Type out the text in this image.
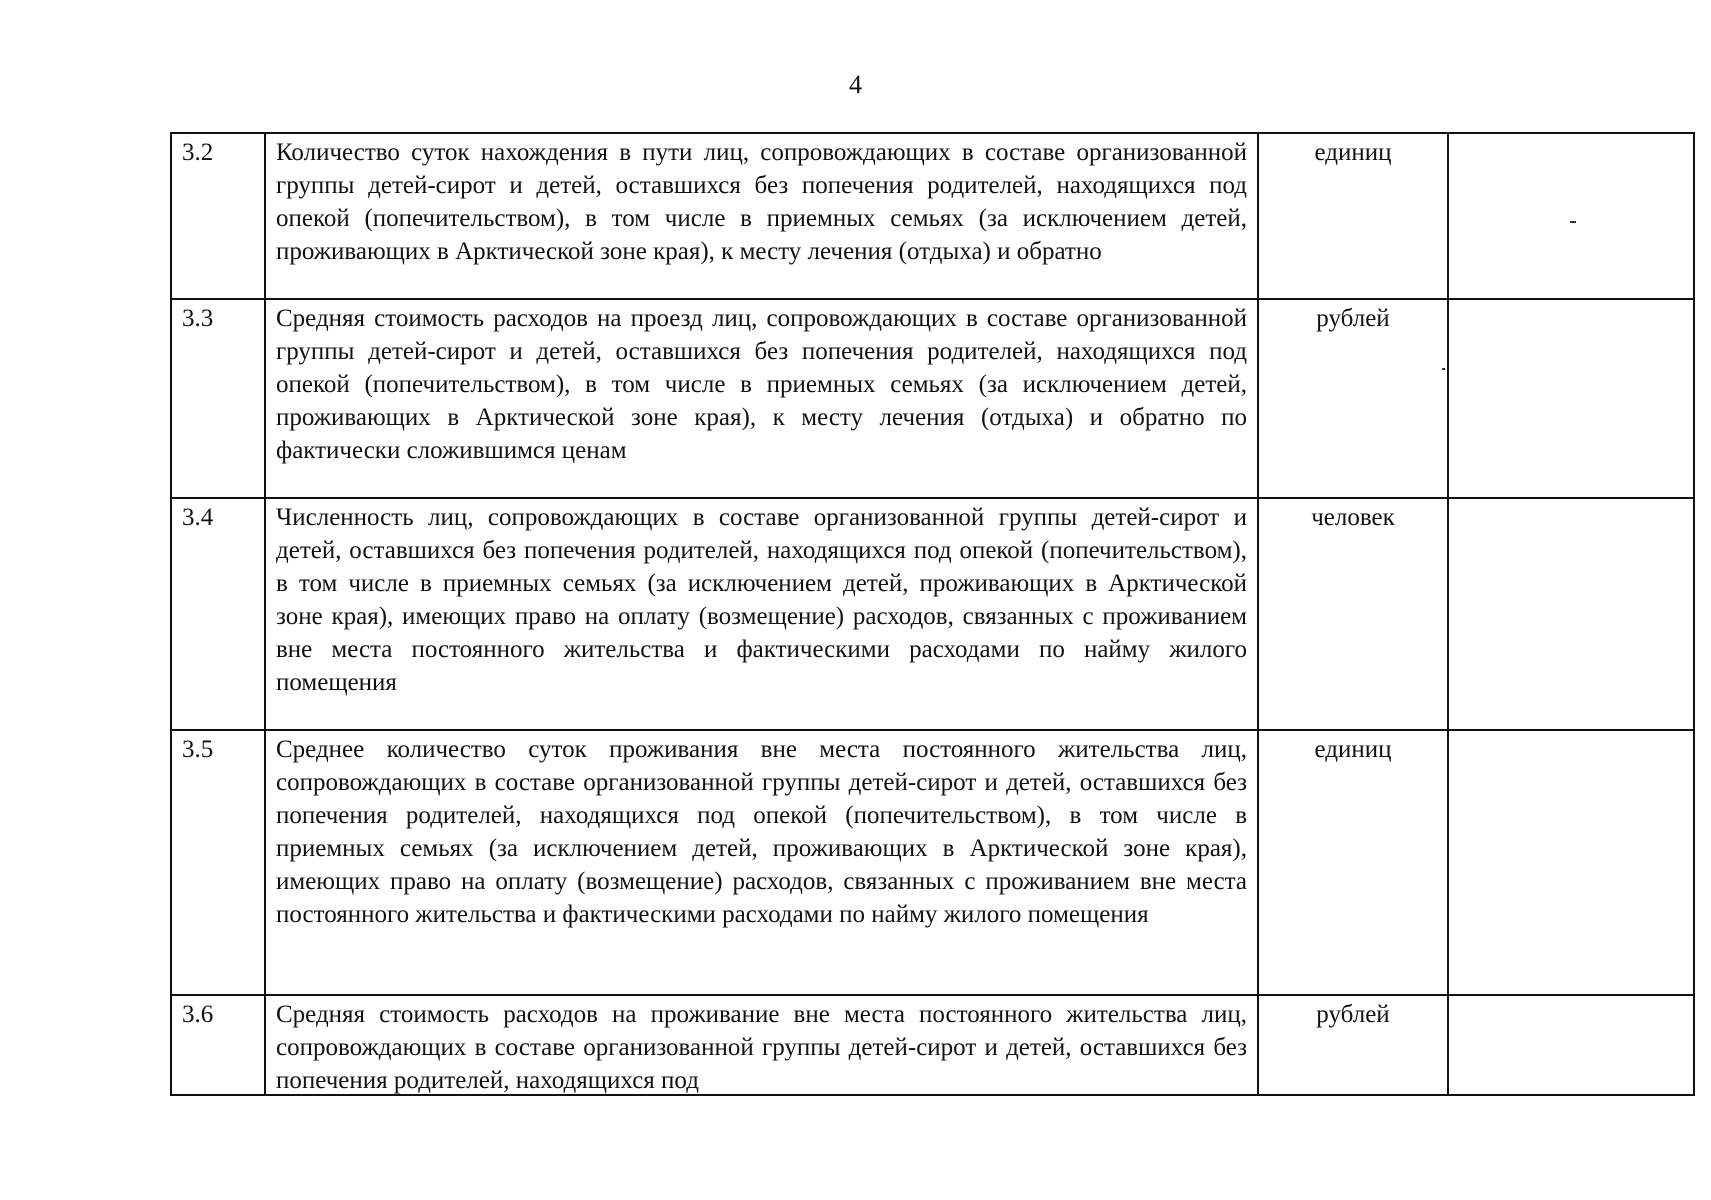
4
3.2	Количество суток нахождения в пути лиц, сопровождающих в составе организованной группы детей-сирот и детей, оставшихся без попечения родителей, находящихся под опекой (попечительством), в том числе в приемных семьях (за исключением детей, проживающих в Арктической зоне края), к месту лечения (отдыха) и обратно	единиц	
3.3	Средняя стоимость расходов на проезд лиц, сопровождающих в составе организованной группы детей-сирот и детей, оставшихся без попечения родителей, находящихся под опекой (попечительством), в том числе в приемных семьях (за исключением детей, проживающих в Арктической зоне края), к месту лечения (отдыха) и обратно по фактически сложившимся ценам	рублей	
3.4	Численность лиц, сопровождающих в составе организованной группы детей-сирот и детей, оставшихся без попечения родителей, находящихся под опекой (попечительством), в том числе в приемных семьях (за исключением детей, проживающих в Арктической зоне края), имеющих право на оплату (возмещение) расходов, связанных с проживанием вне места постоянного жительства и фактическими расходами по найму жилого помещения	человек	
3.5	Среднее количество суток проживания вне места постоянного жительства лиц, сопровождающих в составе организованной группы детей-сирот и детей, оставшихся без попечения родителей, находящихся под опекой (попечительством), в том числе в приемных семьях (за исключением детей, проживающих в Арктической зоне края), имеющих право на оплату (возмещение) расходов, связанных с проживанием вне места постоянного жительства и фактическими расходами по найму жилого помещения	единиц	
3.6	Средняя стоимость расходов на проживание вне места постоянного жительства лиц, сопровождающих в составе организованной группы детей-сирот и детей, оставшихся без попечения родителей, находящихся под	рублей	
